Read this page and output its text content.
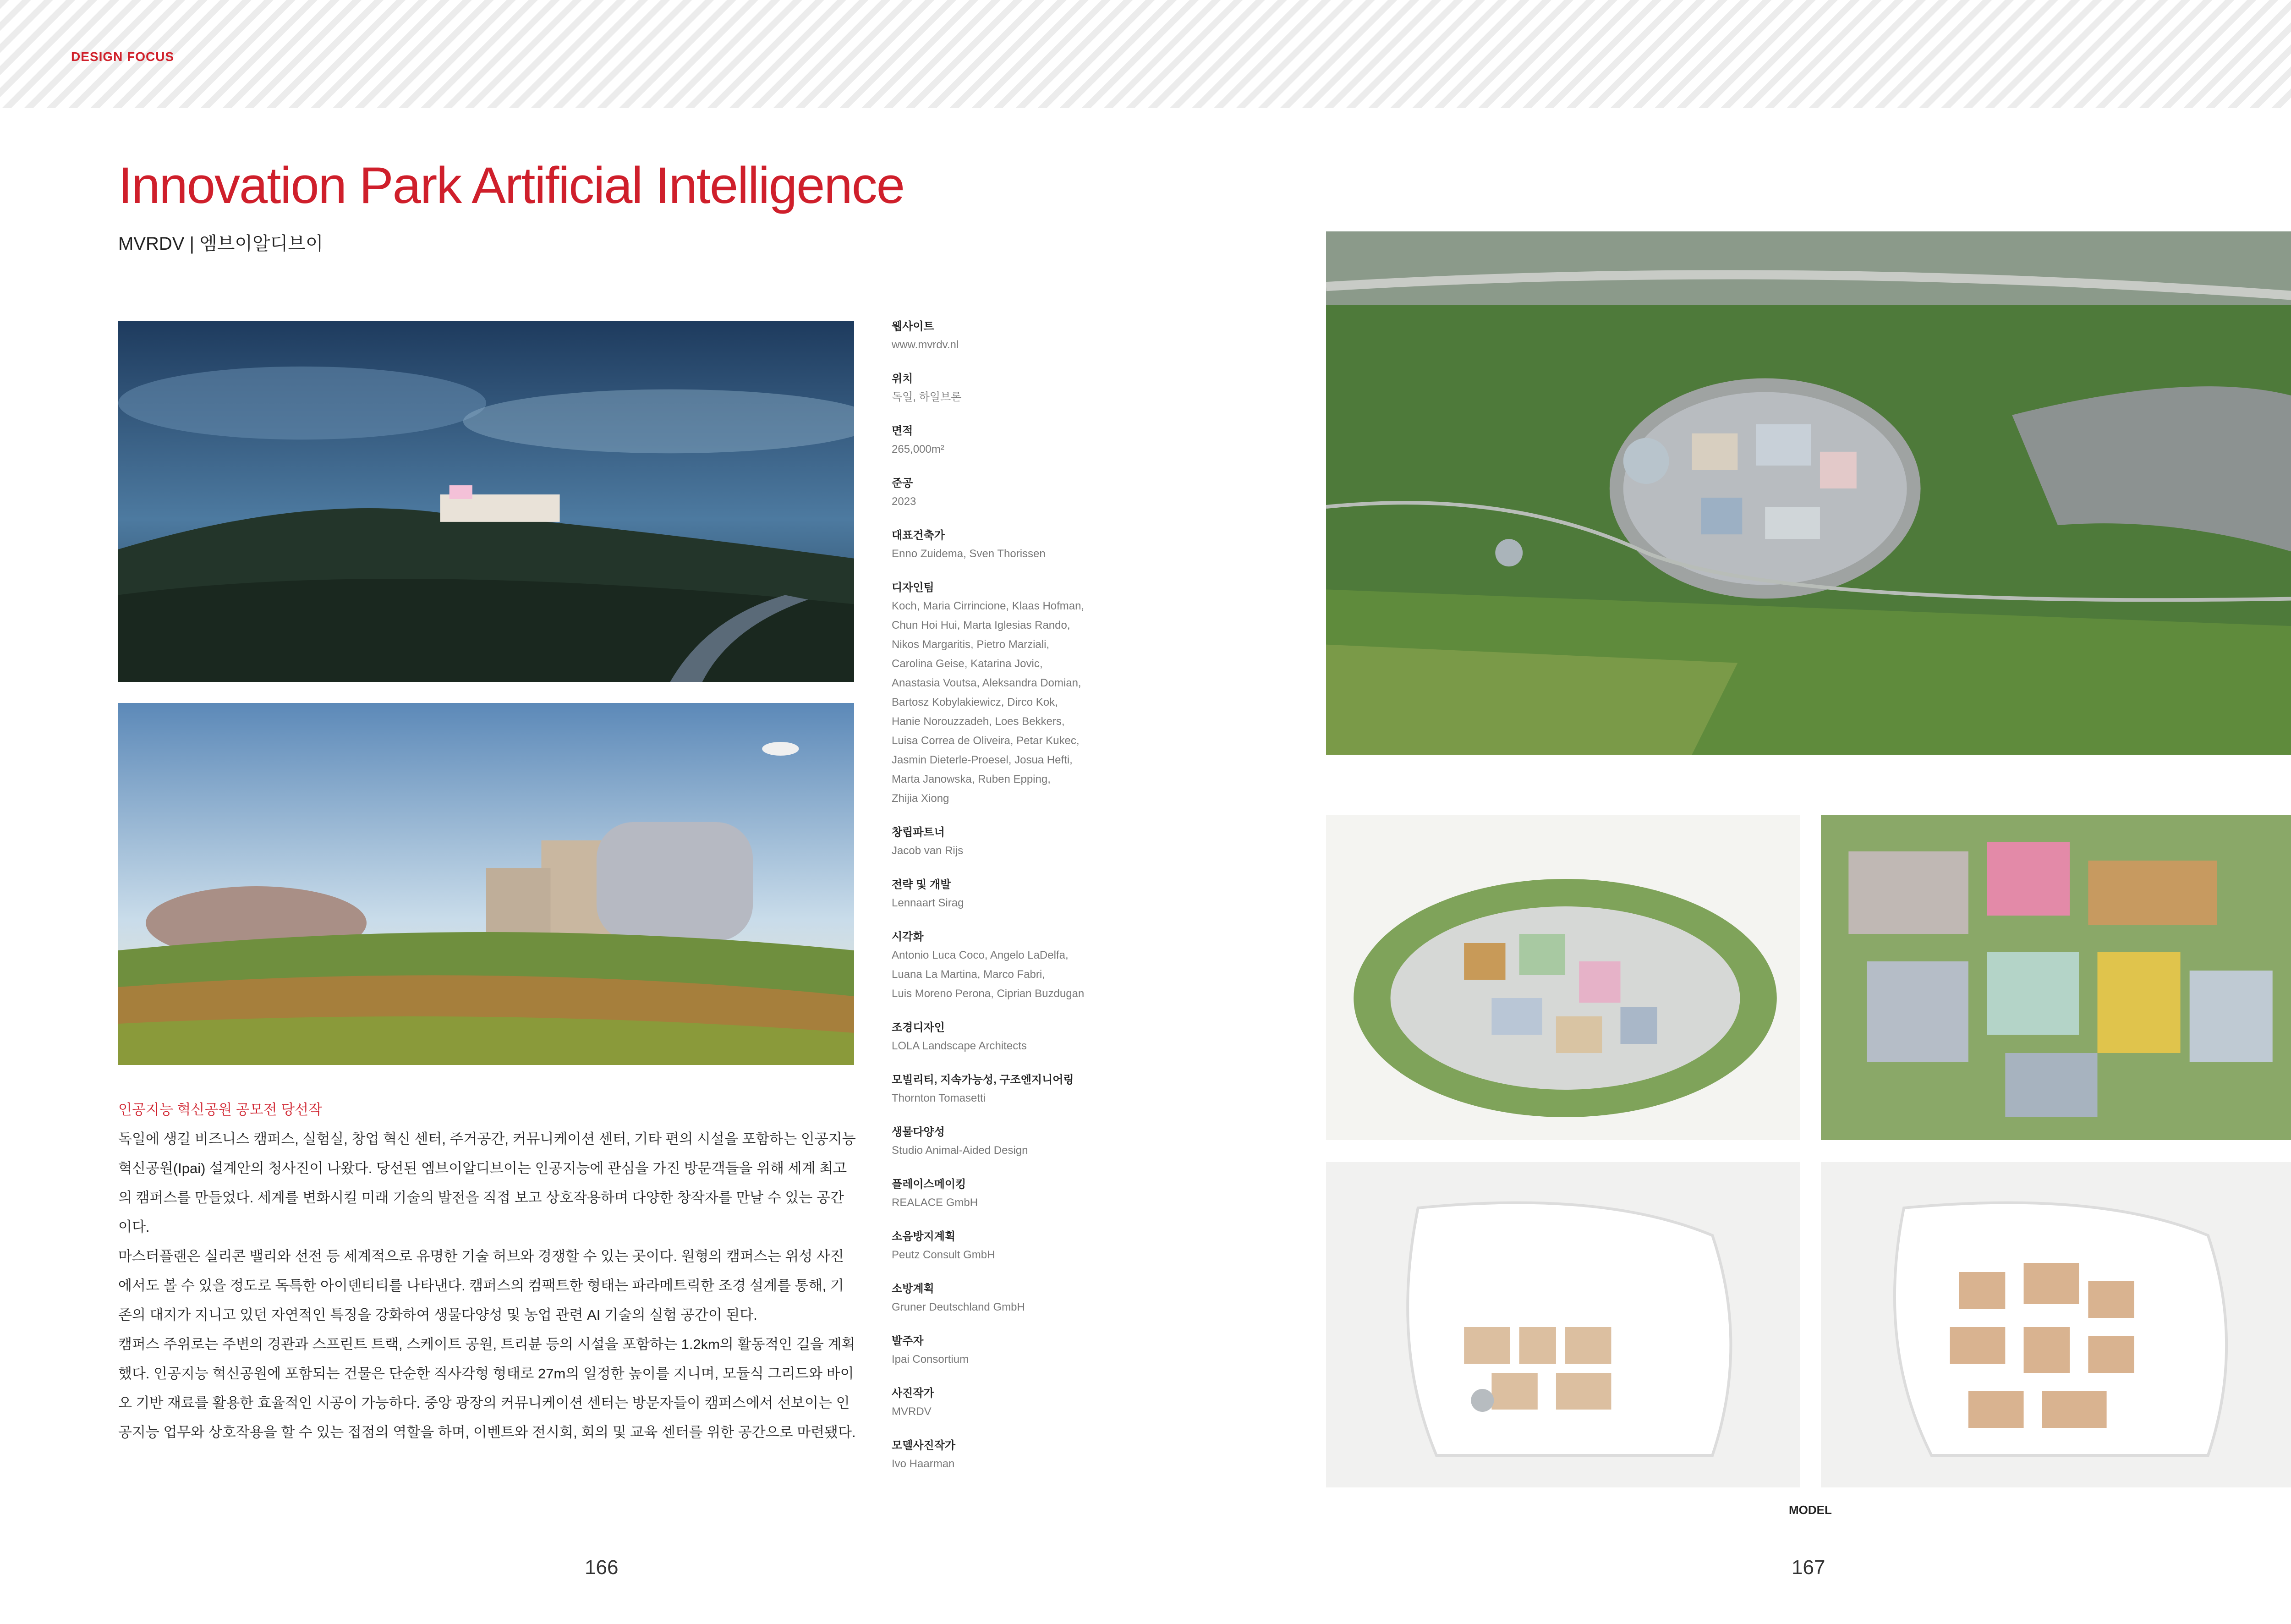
DESIGN FOCUS
Innovation Park Artificial Intelligence
MVRDV | 엠브이알디브이

인공지능 혁신공원 공모전 당선작

독일에 생길 비즈니스 캠퍼스, 실험실, 창업 혁신 센터, 주거공간, 커뮤니케이션 센터, 기타 편의 시설을 포함하는 인공지능 혁신공원(Ipai) 설계안의 청사진이 나왔다. 당선된 엠브이알디브이는 인공지능에 관심을 가진 방문객들을 위해 세계 최고의 캠퍼스를 만들었다. 세계를 변화시킬 미래 기술의 발전을 직접 보고 상호작용하며 다양한 창작자를 만날 수 있는 공간이다.

마스터플랜은 실리콘 밸리와 선전 등 세계적으로 유명한 기술 허브와 경쟁할 수 있는 곳이다. 원형의 캠퍼스는 위성 사진에서도 볼 수 있을 정도로 독특한 아이덴티티를 나타낸다. 캠퍼스의 컴팩트한 형태는 파라메트릭한 조경 설계를 통해, 기존의 대지가 지니고 있던 자연적인 특징을 강화하여 생물다양성 및 농업 관련 AI 기술의 실험 공간이 된다.

캠퍼스 주위로는 주변의 경관과 스프린트 트랙, 스케이트 공원, 트리뷴 등의 시설을 포함하는 1.2km의 활동적인 길을 계획했다. 인공지능 혁신공원에 포함되는 건물은 단순한 직사각형 형태로 27m의 일정한 높이를 지니며, 모듈식 그리드와 바이오 기반 재료를 활용한 효율적인 시공이 가능하다. 중앙 광장의 커뮤니케이션 센터는 방문자들이 캠퍼스에서 선보이는 인공지능 업무와 상호작용을 할 수 있는 접점의 역할을 하며, 이벤트와 전시회, 회의 및 교육 센터를 위한 공간으로 마련됐다.

웹사이트
www.mvrdv.nl
위치
독일, 하일브론
면적
265,000m²
준공
2023
대표건축가
Enno Zuidema, Sven Thorissen
디자인팀
Koch, Maria Cirrincione, Klaas Hofman,
Chun Hoi Hui, Marta Iglesias Rando,
Nikos Margaritis, Pietro Marziali,
Carolina Geise, Katarina Jovic,
Anastasia Voutsa, Aleksandra Domian,
Bartosz Kobylakiewicz, Dirco Kok,
Hanie Norouzzadeh, Loes Bekkers,
Luisa Correa de Oliveira, Petar Kukec,
Jasmin Dieterle-Proesel, Josua Hefti,
Marta Janowska, Ruben Epping,
Zhijia Xiong
창립파트너
Jacob van Rijs
전략 및 개발
Lennaart Sirag
시각화
Antonio Luca Coco, Angelo LaDelfa,
Luana La Martina, Marco Fabri,
Luis Moreno Perona, Ciprian Buzdugan
조경디자인
LOLA Landscape Architects
모빌리티, 지속가능성, 구조엔지니어링
Thornton Tomasetti
생물다양성
Studio Animal-Aided Design
플레이스메이킹
REALACE GmbH
소음방지계획
Peutz Consult GmbH
소방계획
Gruner Deutschland GmbH
발주자
Ipai Consortium
사진작가
MVRDV
모델사진작가
Ivo Haarman
MODEL
166	167
